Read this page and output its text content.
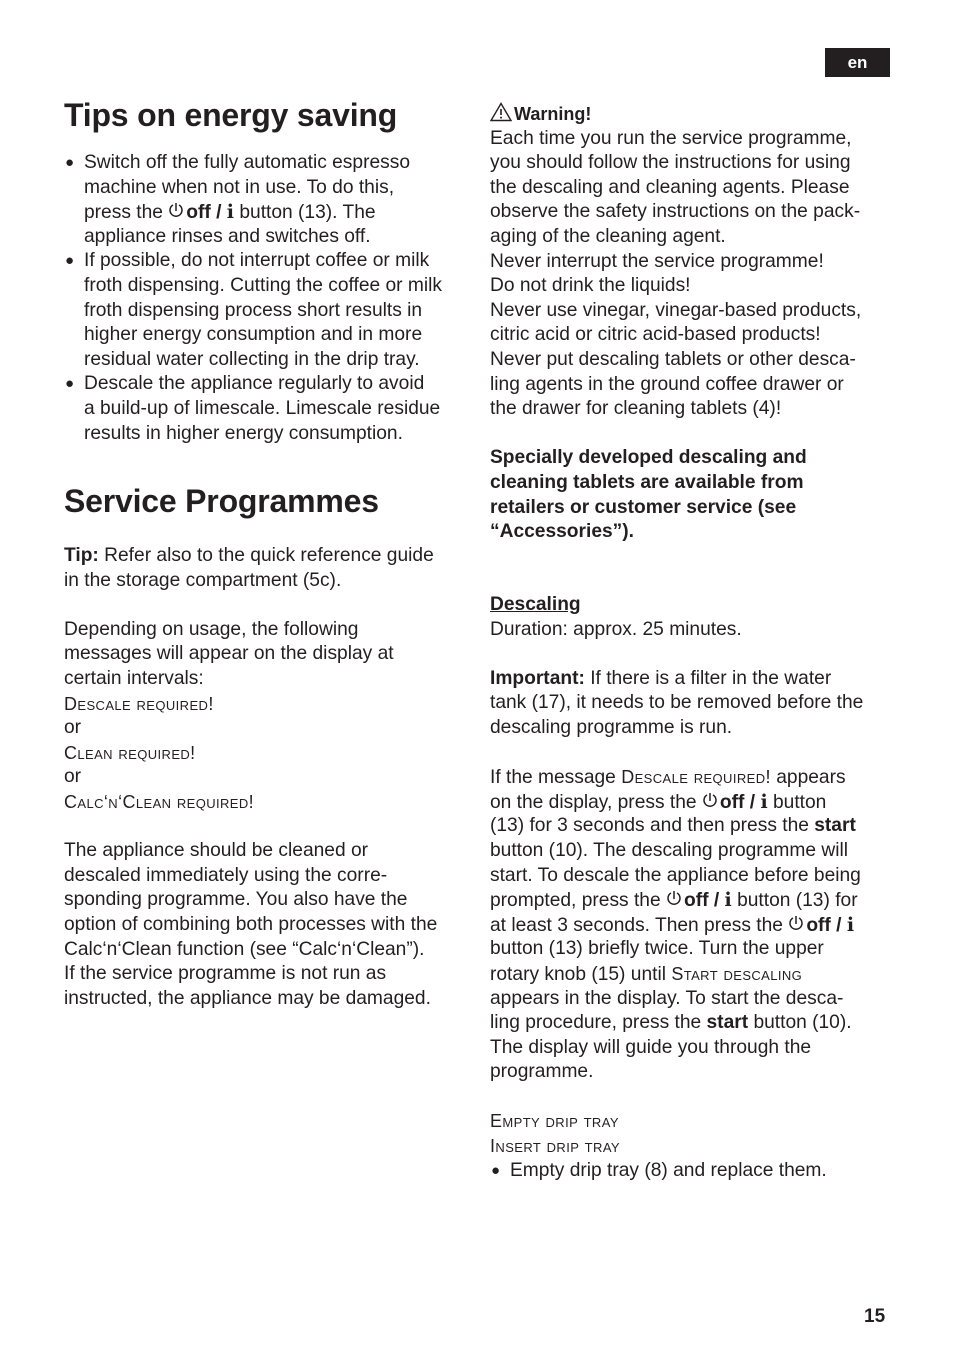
en
Tips on energy saving
● Switch off the fully automatic espresso
machine when not in use. To do this,
press the off / i button (13). The
appliance rinses and switches off.
● If possible, do not interrupt coffee or milk
froth dispensing. Cutting the coffee or milk
froth dispensing process short results in
higher energy consumption and in more
residual water collecting in the drip tray.
● Descale the appliance regularly to avoid
a build-up of limescale. Limescale residue
results in higher energy consumption.
Service Programmes
Tip: Refer also to the quick reference guide
in the storage compartment (5c).
Depending on usage, the following
messages will appear on the display at
certain intervals:
Descale required!
or
Clean required!
or
Calc‘n‘Clean required!
The appliance should be cleaned or
descaled immediately using the corre-
sponding programme. You also have the
option of combining both processes with the
Calc‘n‘Clean function (see “Calc‘n‘Clean”).
If the service programme is not run as
instructed, the appliance may be damaged.
Warning!
Each time you run the service programme,
you should follow the instructions for using
the descaling and cleaning agents. Please
observe the safety instructions on the pack-
aging of the cleaning agent.
Never interrupt the service programme!
Do not drink the liquids!
Never use vinegar, vinegar-based products,
citric acid or citric acid-based products!
Never put descaling tablets or other desca-
ling agents in the ground coffee drawer or
the drawer for cleaning tablets (4)!
Specially developed descaling and
cleaning tablets are available from
retailers or customer service (see
“Accessories”).
Descaling
Duration: approx. 25 minutes.
Important: If there is a filter in the water
tank (17), it needs to be removed before the
descaling programme is run.
If the message Descale required! appears
on the display, press the off / i button
(13) for 3 seconds and then press the start
button (10). The descaling programme will
start. To descale the appliance before being
prompted, press the off / i button (13) for
at least 3 seconds. Then press the off / i
button (13) briefly twice. Turn the upper
rotary knob (15) until Start descaling
appears in the display. To start the desca-
ling procedure, press the start button (10).
The display will guide you through the
programme.
Empty drip tray
Insert drip tray
● Empty drip tray (8) and replace them.
15
